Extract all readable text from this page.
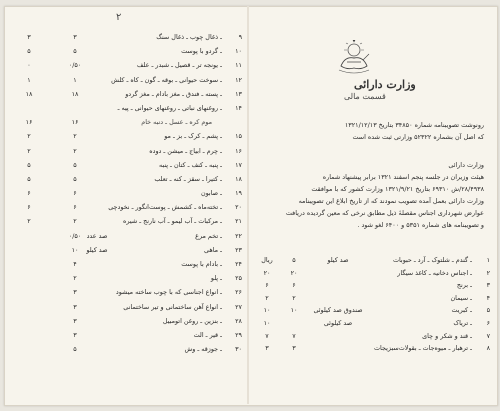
۲
۹
ـ ذغال چوب ـ ذغال سنگ
۳
۳
۱۰
ـ گردو با پوست
۵
۵
۱۱
ـ یونجه تر ـ قصیل ـ شبدر ـ علف
۰/۵۰
۰
۱۲
ـ سوخت حیوانی ـ بوقه ـ گون ـ کاه ـ کلش
۱
۱
۱۳
ـ پسته ـ فندق ـ مغز بادام ـ مغز گردو
۱۸
۱۸
۱۴
ـ روغنهای نباتی ـ روغنهای حیوانی ـ پیه ـ
موم کره ـ عسل ـ دنبه خام
۱۶
۱۶
۱۵
ـ پشم ـ کرک ـ بز ـ مو
۲
۲
۱۶
ـ چرم ـ ابیاج ـ میشن ـ دوده
۲
۲
۱۷
ـ پنبه ـ کنف ـ کتان ـ پنبه
۵
۵
۱۸
ـ کتیرا ـ سقز ـ کنه ـ تعلب
۵
۵
۱۹
ـ صابون
۶
۶
۲۰
ـ تخته‌ماه ـ کشمش ـ پوست‌انگور ـ نخودچی
۶
۶
۲۱
ـ مرکبات ـ آب لیمو ـ آب نارنج ـ شیره
۲
۲
۲۲
ـ تخم مرغ
صد عدد
۰/۵۰
۲۳
ـ ماهی
صد کیلو
۱۰
۲۴
ـ بادام با پوست
۴
۲۵
ـ پلو
۲
۲۶
ـ انواع اجناسی که با چوب ساخته میشود
۳
۲۷
ـ انواع آهن ساختمانی و تیر ساختمانی
۳
۲۸
ـ بنزین ـ روغن اتومبیل
۳
۲۹
ـ قیر ـ الت
۳
۳۰
ـ جوزقه ـ وش
۵
وزارت دارائی
قسمت مالی
رونوشت تصویبنامه شماره ۳۴۸۵۰ بتاریخ ۱۳۲۱/۱۲/۱۳
که اصل آن بشماره ۵۲۳۲۲ وزارتی ثبت شده است
وزارت دارائی
هیئت وزیران در جلسه پنجم اسفند ۱۳۲۱ برابر پیشنهاد شماره
۲۸/۴۹۳۸/ش ۶۹۳۱۰ بتاریخ ۱۳۲۱/۹/۲۱ وزارت کشور که با موافقت
وزارت دارائی بعمل آمده تصویب نمودند که از تاریخ ابلاغ این تصویبنامه
عوارض شهرداری اجناس مقصلهٔ ذیل مطابق نرخی که معین گردیده دریافت
و تصویبنامه های شماره ۵۳۵۱ و ۶۴۰۰ لغو شود .
۱
ـ گندم ـ شلتوک ـ آرد ـ حبوبات
صد کیلو
۵
ریال
۲
ـ اجناس دخانیه ـ کاغذ سیگار
۲۰
۲۰
۳
ـ برنج
۶
۶
۴
ـ سیمان
۲
۲
۵
ـ کبریت
صندوق صد کیلوئی
۱۰
۱۰
۶
ـ تریاک
صد کیلوئی
۱۰
۷
ـ قند و شکر و چای
۷
۷
۸
ـ ترهبار ـ میوه‌جات ـ بقولات‌سبزیجات
۳
۳
